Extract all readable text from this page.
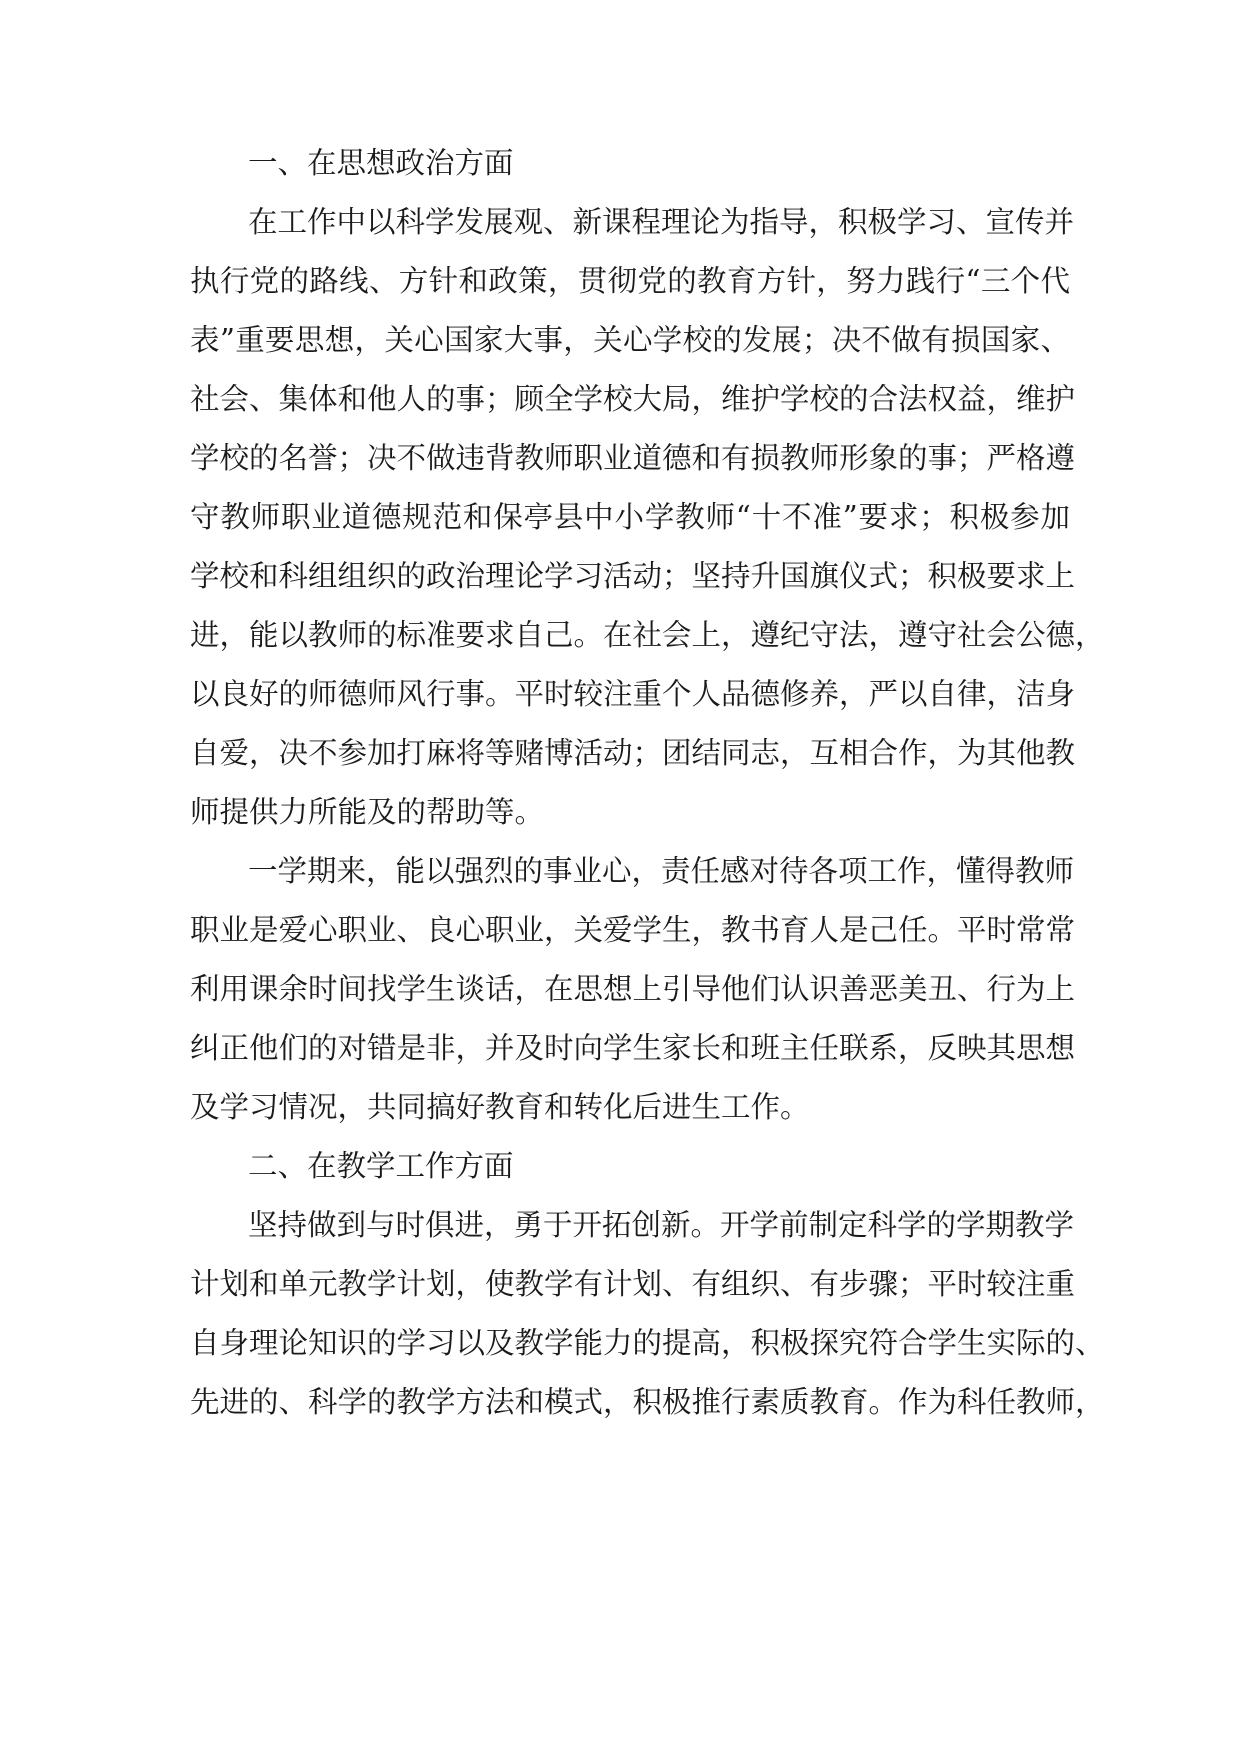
一、在思想政治方面
在工作中以科学发展观、新课程理论为指导，积极学习、宣传并
执行党的路线、方针和政策，贯彻党的教育方针，努力践行“三个代
表”重要思想，关心国家大事，关心学校的发展；决不做有损国家、
社会、集体和他人的事；顾全学校大局，维护学校的合法权益，维护
学校的名誉；决不做违背教师职业道德和有损教师形象的事；严格遵
守教师职业道德规范和保亭县中小学教师“十不准”要求；积极参加
学校和科组组织的政治理论学习活动；坚持升国旗仪式；积极要求上
进，能以教师的标准要求自己。在社会上，遵纪守法，遵守社会公德，
以良好的师德师风行事。平时较注重个人品德修养，严以自律，洁身
自爱，决不参加打麻将等赌博活动；团结同志，互相合作，为其他教
师提供力所能及的帮助等。
一学期来，能以强烈的事业心，责任感对待各项工作，懂得教师
职业是爱心职业、良心职业，关爱学生，教书育人是己任。平时常常
利用课余时间找学生谈话，在思想上引导他们认识善恶美丑、行为上
纠正他们的对错是非，并及时向学生家长和班主任联系，反映其思想
及学习情况，共同搞好教育和转化后进生工作。
二、在教学工作方面
坚持做到与时俱进，勇于开拓创新。开学前制定科学的学期教学
计划和单元教学计划，使教学有计划、有组织、有步骤；平时较注重
自身理论知识的学习以及教学能力的提高，积极探究符合学生实际的、
先进的、科学的教学方法和模式，积极推行素质教育。作为科任教师，
